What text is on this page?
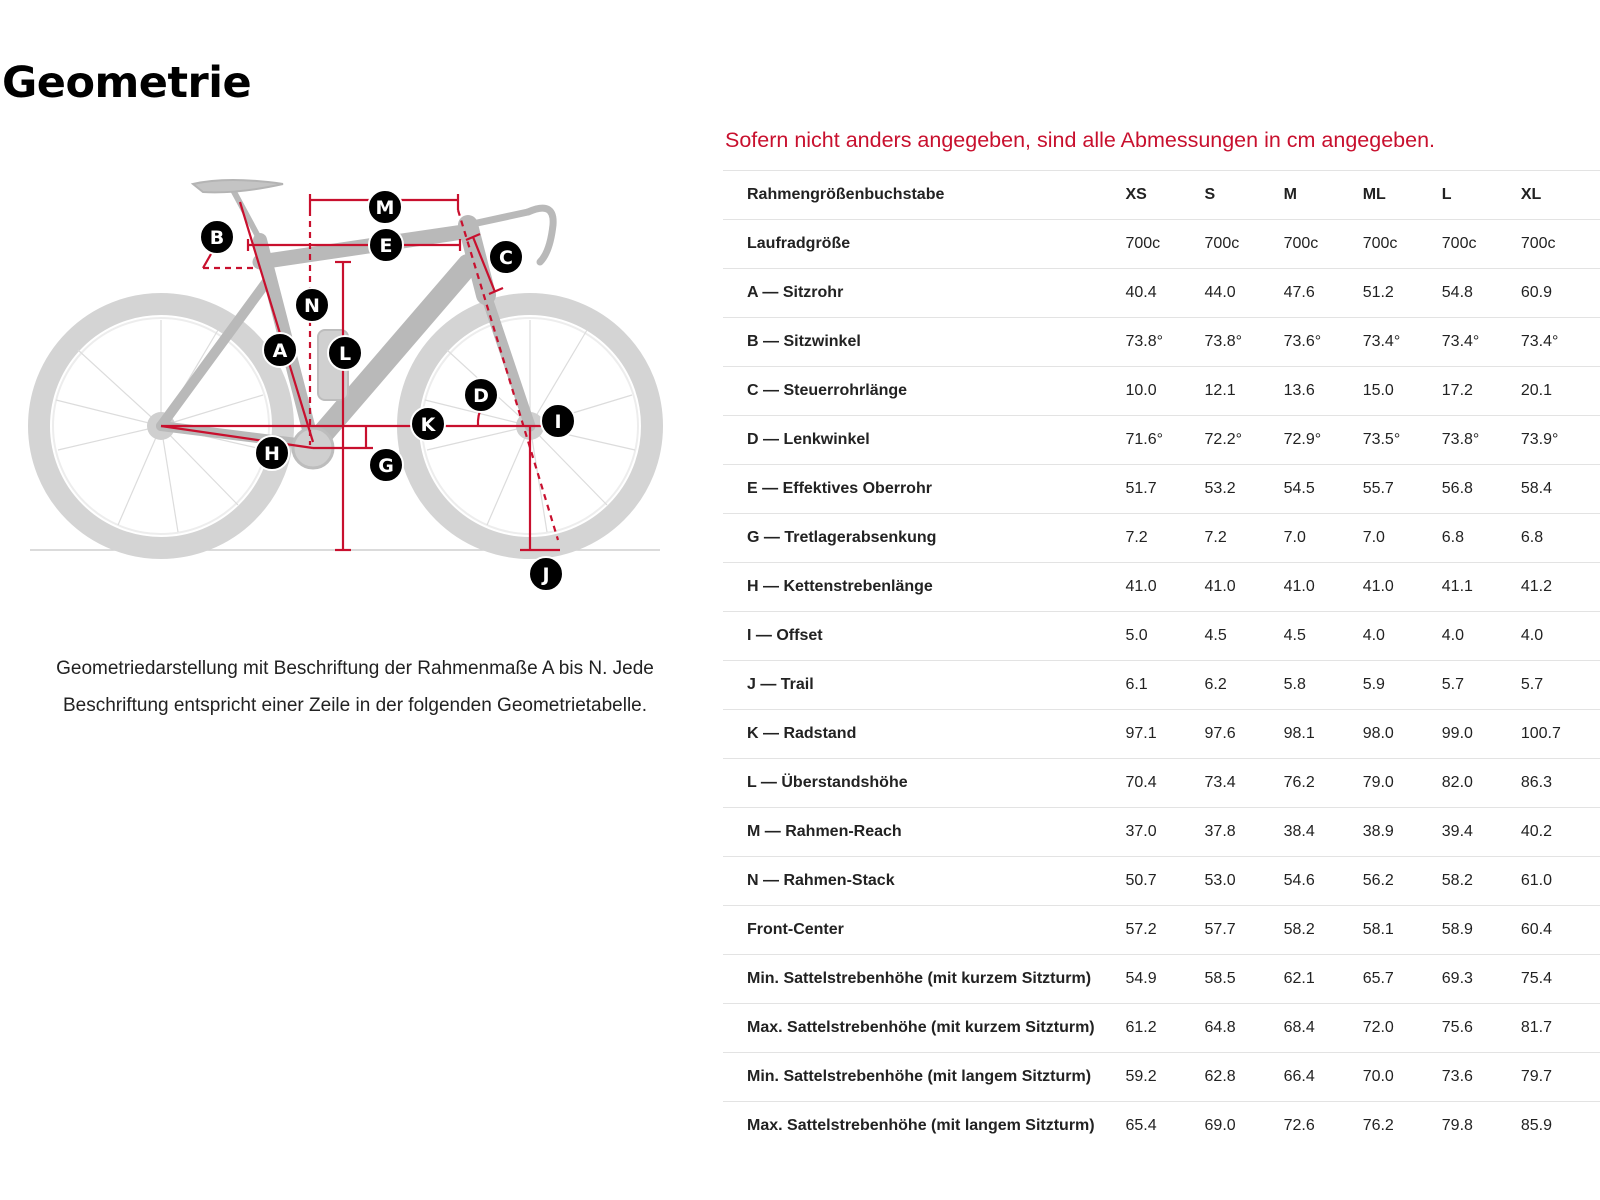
Geometrie
M
B	E
C
N
A	L
D
K	I
H
G
J

Geometriedarstellung mit Beschriftung der Rahmenmaße A bis N. Jede Beschriftung entspricht einer Zeile in der folgenden Geometrietabelle.

Sofern nicht anders angegeben, sind alle Abmessungen in cm angegeben.

Rahmengrößenbuchstabe	XS	S	M	ML	L	XL
Laufradgröße	700c	700c	700c	700c	700c	700c
A — Sitzrohr	40.4	44.0	47.6	51.2	54.8	60.9
B — Sitzwinkel	73.8°	73.8°	73.6°	73.4°	73.4°	73.4°
C — Steuerrohrlänge	10.0	12.1	13.6	15.0	17.2	20.1
D — Lenkwinkel	71.6°	72.2°	72.9°	73.5°	73.8°	73.9°
E — Effektives Oberrohr	51.7	53.2	54.5	55.7	56.8	58.4
G — Tretlagerabsenkung	7.2	7.2	7.0	7.0	6.8	6.8
H — Kettenstrebenlänge	41.0	41.0	41.0	41.0	41.1	41.2
I — Offset	5.0	4.5	4.5	4.0	4.0	4.0
J — Trail	6.1	6.2	5.8	5.9	5.7	5.7
K — Radstand	97.1	97.6	98.1	98.0	99.0	100.7
L — Überstandshöhe	70.4	73.4	76.2	79.0	82.0	86.3
M — Rahmen-Reach	37.0	37.8	38.4	38.9	39.4	40.2
N — Rahmen-Stack	50.7	53.0	54.6	56.2	58.2	61.0
Front-Center	57.2	57.7	58.2	58.1	58.9	60.4
Min. Sattelstrebenhöhe (mit kurzem Sitzturm)	54.9	58.5	62.1	65.7	69.3	75.4
Max. Sattelstrebenhöhe (mit kurzem Sitzturm)	61.2	64.8	68.4	72.0	75.6	81.7
Min. Sattelstrebenhöhe (mit langem Sitzturm)	59.2	62.8	66.4	70.0	73.6	79.7
Max. Sattelstrebenhöhe (mit langem Sitzturm)	65.4	69.0	72.6	76.2	79.8	85.9
